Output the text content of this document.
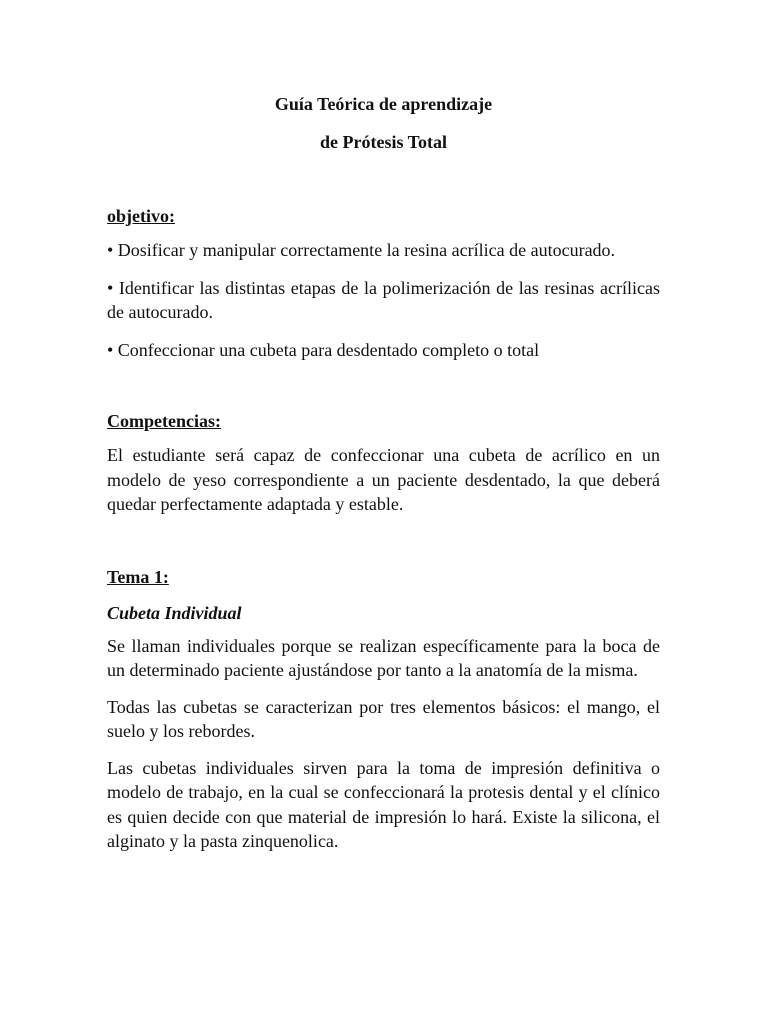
Guía Teórica de aprendizaje

de Prótesis Total

objetivo:

• Dosificar y manipular correctamente la resina acrílica de autocurado.

• Identificar las distintas etapas de la polimerización de las resinas acrílicas de autocurado.

• Confeccionar una cubeta para desdentado completo o total

Competencias:

El estudiante será capaz de confeccionar una cubeta de acrílico en un modelo de yeso correspondiente a un paciente desdentado, la que deberá quedar perfectamente adaptada y estable.

Tema 1:

Cubeta Individual

Se llaman individuales porque se realizan específicamente para la boca de un determinado paciente ajustándose por tanto a la anatomía de la misma.

Todas las cubetas se caracterizan por tres elementos básicos: el mango, el suelo y los rebordes.

Las cubetas individuales sirven para la toma de impresión definitiva o modelo de trabajo, en la cual se confeccionará la protesis dental y el clínico es quien decide con que material de impresión lo hará. Existe la silicona, el alginato y la pasta zinquenolica.
